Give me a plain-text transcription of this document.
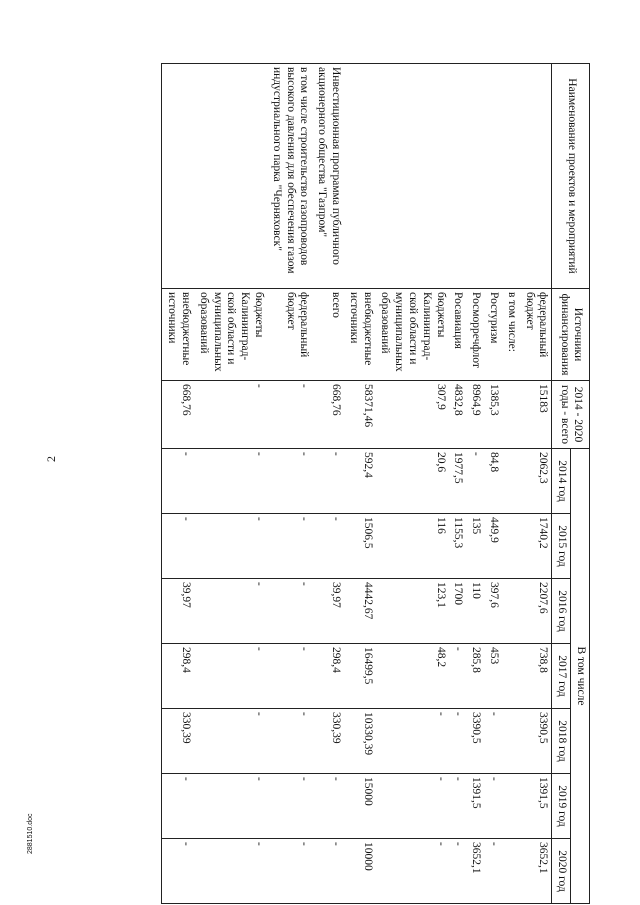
2
Наименование проектов и мероприятий	Источники финансирования	2014 - 2020 годы - всего	В том числе						
			2014 год	2015 год	2016 год	2017 год	2018 год	2019 год	2020 год
	федеральный бюджет	15183	2062,3	1740,2	2207,6	738,8	3390,5	1391,5	3652,1
	в том числе:								
	Ростуризм	1385,3	84,8	449,9	397,6	453	-	-	-
	Росморречфлот	8964,9	-	135	110	285,8	3390,5	1391,5	3652,1
	Росавиация	4832,8	1977,5	1155,3	1700	-	-	-	-
	бюджеты Калининград-ской области и муниципальных образований	307,9	20,6	116	123,1	48,2	-	-	-
	внебюджетные источники	58371,46	592,4	1506,5	4442,67	16499,5	10330,39	15000	10000
Инвестиционная программа публичного акционерного общества "Газпром"	всего	668,76	-	-	39,97	298,4	330,39	-	-
в том числе строительство газопроводов высокого давления для обеспечения газом индустриального парка "Черняховск"	федеральный бюджет	-	-	-	-	-	-	-	-
	бюджеты Калининград-ской области и муниципальных образований	-	-	-	-	-	-	-	-
	внебюджетные источники	668,76	-	-	39,97	298,4	330,39	-	-
2881510.doc
